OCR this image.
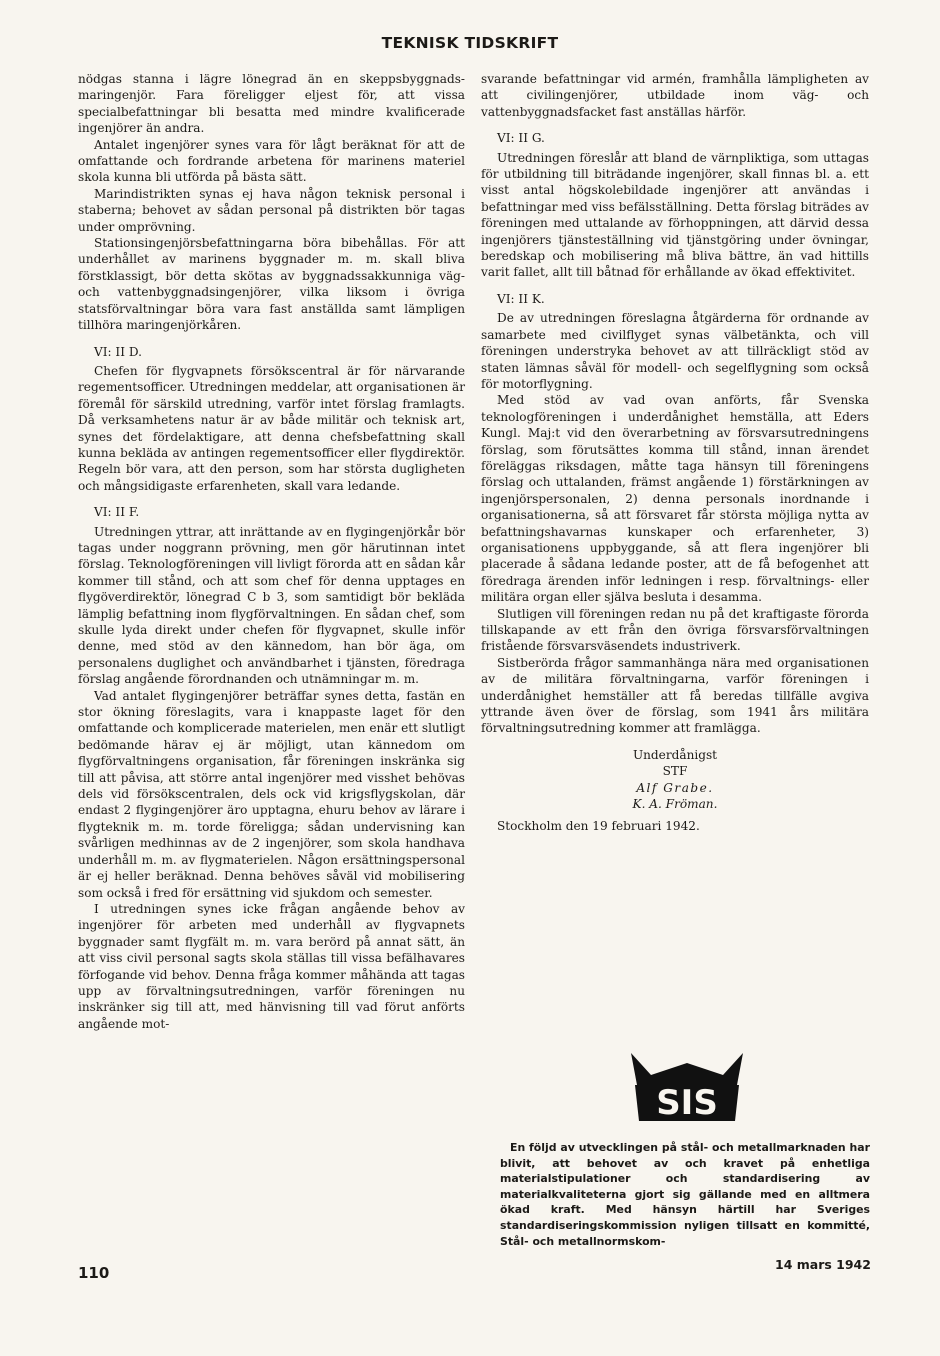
TEKNISK TIDSKRIFT

nödgas stanna i lägre lönegrad än en skeppsbyggnads-maringenjör. Fara föreligger eljest för, att vissa specialbefattningar bli besatta med mindre kvalificerade ingenjörer än andra.

Antalet ingenjörer synes vara för lågt beräknat för att de omfattande och fordrande arbetena för marinens materiel skola kunna bli utförda på bästa sätt.

Marindistrikten synas ej hava någon teknisk personal i staberna; behovet av sådan personal på distrikten bör tagas under omprövning.

Stationsingenjörsbefattningarna böra bibehållas. För att underhållet av marinens byggnader m. m. skall bliva förstklassigt, bör detta skötas av byggnadssakkunniga väg- och vattenbyggnadsingenjörer, vilka liksom i övriga statsförvaltningar böra vara fast anställda samt lämpligen tillhöra maringenjörkåren.

VI: II D.

Chefen för flygvapnets försökscentral är för närvarande regementsofficer. Utredningen meddelar, att organisationen är föremål för särskild utredning, varför intet förslag framlagts. Då verksamhetens natur är av både militär och teknisk art, synes det fördelaktigare, att denna chefsbefattning skall kunna bekläda av antingen regementsofficer eller flygdirektör. Regeln bör vara, att den person, som har största dugligheten och mångsidigaste erfarenheten, skall vara ledande.

VI: II F.

Utredningen yttrar, att inrättande av en flygingenjörkår bör tagas under noggrann prövning, men gör härutinnan intet förslag. Teknologföreningen vill livligt förorda att en sådan kår kommer till stånd, och att som chef för denna upptages en flygöverdirektör, lönegrad C b 3, som samtidigt bör bekläda lämplig befattning inom flygförvaltningen. En sådan chef, som skulle lyda direkt under chefen för flygvapnet, skulle inför denne, med stöd av den kännedom, han bör äga, om personalens duglighet och användbarhet i tjänsten, föredraga förslag angående förordnanden och utnämningar m. m.

Vad antalet flygingenjörer beträffar synes detta, fastän en stor ökning föreslagits, vara i knappaste laget för den omfattande och komplicerade materielen, men enär ett slutligt bedömande härav ej är möjligt, utan kännedom om flygförvaltningens organisation, får föreningen inskränka sig till att påvisa, att större antal ingenjörer med visshet behövas dels vid försökscentralen, dels ock vid krigsflygskolan, där endast 2 flygingenjörer äro upptagna, ehuru behov av lärare i flygteknik m. m. torde föreligga; sådan undervisning kan svårligen medhinnas av de 2 ingenjörer, som skola handhava underhåll m. m. av flygmaterielen. Någon ersättningspersonal är ej heller beräknad. Denna behöves såväl vid mobilisering som också i fred för ersättning vid sjukdom och semester.

I utredningen synes icke frågan angående behov av ingenjörer för arbeten med underhåll av flygvapnets byggnader samt flygfält m. m. vara berörd på annat sätt, än att viss civil personal sagts skola ställas till vissa befälhavares förfogande vid behov. Denna fråga kommer måhända att tagas upp av förvaltningsutredningen, varför föreningen nu inskränker sig till att, med hänvisning till vad förut anförts angående mot-

svarande befattningar vid armén, framhålla lämpligheten av att civilingenjörer, utbildade inom väg- och vattenbyggnadsfacket fast anställas härför.

VI: II G.

Utredningen föreslår att bland de värnpliktiga, som uttagas för utbildning till biträdande ingenjörer, skall finnas bl. a. ett visst antal högskolebildade ingenjörer att användas i befattningar med viss befälsställning. Detta förslag biträdes av föreningen med uttalande av förhoppningen, att därvid dessa ingenjörers tjänsteställning vid tjänstgöring under övningar, beredskap och mobilisering må bliva bättre, än vad hittills varit fallet, allt till båtnad för erhållande av ökad effektivitet.

VI: II K.

De av utredningen föreslagna åtgärderna för ordnande av samarbete med civilflyget synas välbetänkta, och vill föreningen understryka behovet av att tillräckligt stöd av staten lämnas såväl för modell- och segelflygning som också för motorflygning.

Med stöd av vad ovan anförts, får Svenska teknologföreningen i underdånighet hemställa, att Eders Kungl. Maj:t vid den överarbetning av försvarsutredningens förslag, som förutsättes komma till stånd, innan ärendet föreläggas riksdagen, måtte taga hänsyn till föreningens förslag och uttalanden, främst angående 1) förstärkningen av ingenjörspersonalen, 2) denna personals inordnande i organisationerna, så att försvaret får största möjliga nytta av befattningshavarnas kunskaper och erfarenheter, 3) organisationens uppbyggande, så att flera ingenjörer bli placerade å sådana ledande poster, att de få befogenhet att föredraga ärenden inför ledningen i resp. förvaltnings- eller militära organ eller själva besluta i desamma.

Slutligen vill föreningen redan nu på det kraftigaste förorda tillskapande av ett från den övriga försvarsförvaltningen fristående försvarsväsendets industriverk.

Sistberörda frågor sammanhänga nära med organisationen av de militära förvaltningarna, varför föreningen i underdånighet hemställer att få beredas tillfälle avgiva yttrande även över de förslag, som 1941 års militära förvaltningsutredning kommer att framlägga.

Underdånigst

STF

Alf Grabe.

K. A. Fröman.

Stockholm den 19 februari 1942.

SIS

En följd av utvecklingen på stål- och metallmarknaden har blivit, att behovet av och kravet på enhetliga materialstipulationer och standardisering av materialkvaliteterna gjort sig gällande med en alltmera ökad kraft. Med hänsyn härtill har Sveriges standardiseringskommission nyligen tillsatt en kommitté, Stål- och metallnormskom-

110	14 mars 1942
